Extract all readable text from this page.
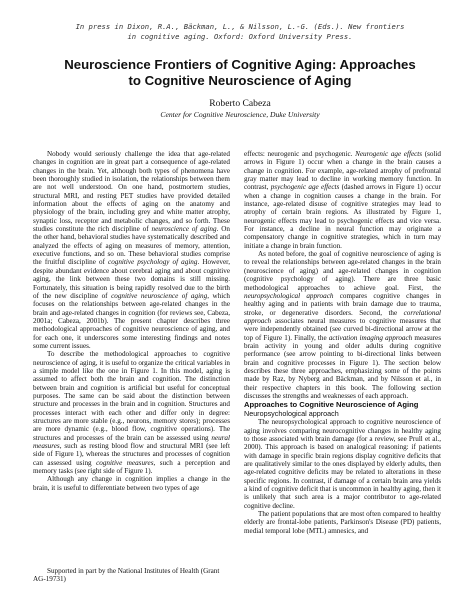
In press in Dixon, R.A., Bäckman, L., & Nilsson, L.-G. (Eds.). New frontiers
in cognitive aging. Oxford: Oxford University Press.
Neuroscience Frontiers of Cognitive Aging: Approaches
to Cognitive Neuroscience of Aging
Roberto Cabeza
Center for Cognitive Neuroscience, Duke University

Nobody would seriously challenge the idea that age-related changes in cognition are in great part a consequence of age-related changes in the brain. Yet, although both types of phenomena have been thoroughly studied in isolation, the relationships between them are not well understood. On one hand, postmortem studies, structural MRI, and resting PET studies have provided detailed information about the effects of aging on the anatomy and physiology of the brain, including grey and white matter atrophy, synaptic loss, receptor and metabolic changes, and so forth. These studies constitute the rich discipline of neuroscience of aging. On the other hand, behavioral studies have systematically described and analyzed the effects of aging on measures of memory, attention, executive functions, and so on. These behavioral studies comprise the fruitful discipline of cognitive psychology of aging. However, despite abundant evidence about cerebral aging and about cognitive aging, the link between these two domains is still missing. Fortunately, this situation is being rapidly resolved due to the birth of the new discipline of cognitive neuroscience of aging, which focuses on the relationships between age-related changes in the brain and age-related changes in cognition (for reviews see, Cabeza, 2001a; Cabeza, 2001b). The present chapter describes three methodological approaches of cognitive neuroscience of aging, and for each one, it underscores some interesting findings and notes some current issues.

To describe the methodological approaches to cognitive neuroscience of aging, it is useful to organize the critical variables in a simple model like the one in Figure 1. In this model, aging is assumed to affect both the brain and cognition. The distinction between brain and cognition is artificial but useful for conceptual purposes. The same can be said about the distinction between structure and processes in the brain and in cognition. Structures and processes interact with each other and differ only in degree: structures are more stable (e.g., neurons, memory stores); processes are more dynamic (e.g., blood flow, cognitive operations). The structures and processes of the brain can be assessed using neural measures, such as resting blood flow and structural MRI (see left side of Figure 1), whereas the structures and processes of cognition can assessed using cognitive measures, such a perception and memory tasks (see right side of Figure 1).

Although any change in cognition implies a change in the brain, it is useful to differentiate between two types of age

Supported in part by the National Institutes of Health (Grant

AG-19731)

effects: neurogenic and psychogenic. Neurogenic age effects (solid arrows in Figure 1) occur when a change in the brain causes a change in cognition. For example, age-related atrophy of prefrontal gray matter may lead to decline in working memory function. In contrast, psychogenic age effects (dashed arrows in Figure 1) occur when a change in cognition causes a change in the brain. For instance, age-related disuse of cognitive strategies may lead to atrophy of certain brain regions. As illustrated by Figure 1, neurogenic effects may lead to psychogenic effects and vice versa. For instance, a decline in neural function may originate a compensatory change in cognitive strategies, which in turn may initiate a change in brain function.

As noted before, the goal of cognitive neuroscience of aging is to reveal the relationships between age-related changes in the brain (neuroscience of aging) and age-related changes in cognition (cognitive psychology of aging). There are three basic methodological approaches to achieve goal. First, the neuropsychological approach compares cognitive changes in healthy aging and in patients with brain damage due to trauma, stroke, or degenerative disorders. Second, the correlational approach associates neural measures to cognitive measures that were independently obtained (see curved bi-directional arrow at the top of Figure 1). Finally, the activation imaging approach measures brain activity in young and older adults during cognitive performance (see arrow pointing to bi-directional links between brain and cognitive processes in Figure 1). The section below describes these three approaches, emphasizing some of the points made by Raz, by Nyberg and Bäckman, and by Nilsson et al., in their respective chapters in this book. The following section discusses the strengths and weaknesses of each approach.

Approaches to Cognitive Neuroscience of Aging
Neuropsychological approach

The neuropsychological approach to cognitive neuroscience of aging involves comparing neurocognitive changes in healthy aging to those associated with brain damage (for a review, see Prull et al., 2000). This approach is based on analogical reasoning: if patients with damage in specific brain regions display cognitive deficits that are qualitatively similar to the ones displayed by elderly adults, then age-related cognitive deficits may be related to alterations in these specific regions. In contrast, if damage of a certain brain area yields a kind of cognitive deficit that is uncommon in healthy aging, then it is unlikely that such area is a major contributor to age-related cognitive decline.

The patient populations that are most often compared to healthy elderly are frontal-lobe patients, Parkinson's Disease (PD) patients, medial temporal lobe (MTL) amnesics, and
